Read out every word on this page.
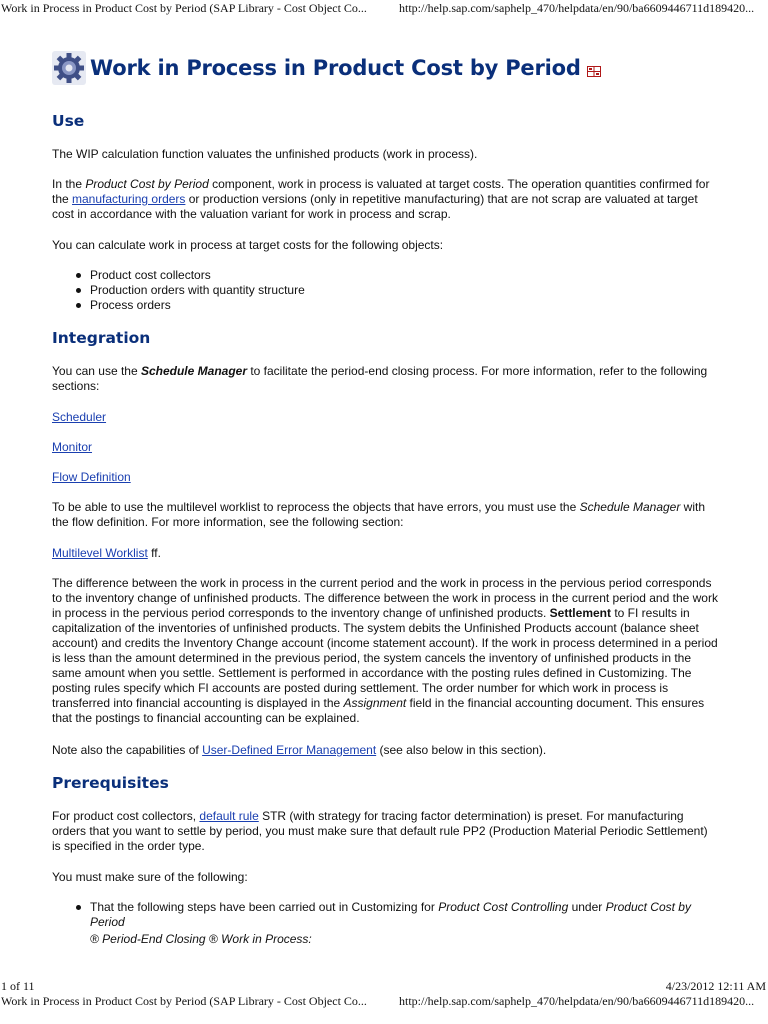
Work in Process in Product Cost by Period (SAP Library - Cost Object Co...	http://help.sap.com/saphelp_470/helpdata/en/90/ba6609446711d189420...
Work in Process in Product Cost by Period
Use

The WIP calculation function valuates the unfinished products (work in process).

In the Product Cost by Period component, work in process is valuated at target costs. The operation quantities confirmed for the manufacturing orders or production versions (only in repetitive manufacturing) that are not scrap are valuated at target cost in accordance with the valuation variant for work in process and scrap.

You can calculate work in process at target costs for the following objects:

Product cost collectors
Production orders with quantity structure
Process orders
Integration

You can use the Schedule Manager to facilitate the period-end closing process. For more information, refer to the following sections:

Scheduler

Monitor

Flow Definition

To be able to use the multilevel worklist to reprocess the objects that have errors, you must use the Schedule Manager with the flow definition. For more information, see the following section:

Multilevel Worklist ff.

The difference between the work in process in the current period and the work in process in the pervious period corresponds to the inventory change of unfinished products. The difference between the work in process in the current period and the work in process in the pervious period corresponds to the inventory change of unfinished products. Settlement to FI results in capitalization of the inventories of unfinished products. The system debits the Unfinished Products account (balance sheet account) and credits the Inventory Change account (income statement account). If the work in process determined in a period is less than the amount determined in the previous period, the system cancels the inventory of unfinished products in the same amount when you settle. Settlement is performed in accordance with the posting rules defined in Customizing. The posting rules specify which FI accounts are posted during settlement. The order number for which work in process is transferred into financial accounting is displayed in the Assignment field in the financial accounting document. This ensures that the postings to financial accounting can be explained.

Note also the capabilities of User-Defined Error Management (see also below in this section).

Prerequisites

For product cost collectors, default rule STR (with strategy for tracing factor determination) is preset. For manufacturing orders that you want to settle by period, you must make sure that default rule PP2 (Production Material Periodic Settlement) is specified in the order type.

You must make sure of the following:

That the following steps have been carried out in Customizing for Product Cost Controlling under Product Cost by Period

® Period-End Closing ® Work in Process:

1 of 11	4/23/2012 12:11 AM
Work in Process in Product Cost by Period (SAP Library - Cost Object Co...	http://help.sap.com/saphelp_470/helpdata/en/90/ba6609446711d189420...
